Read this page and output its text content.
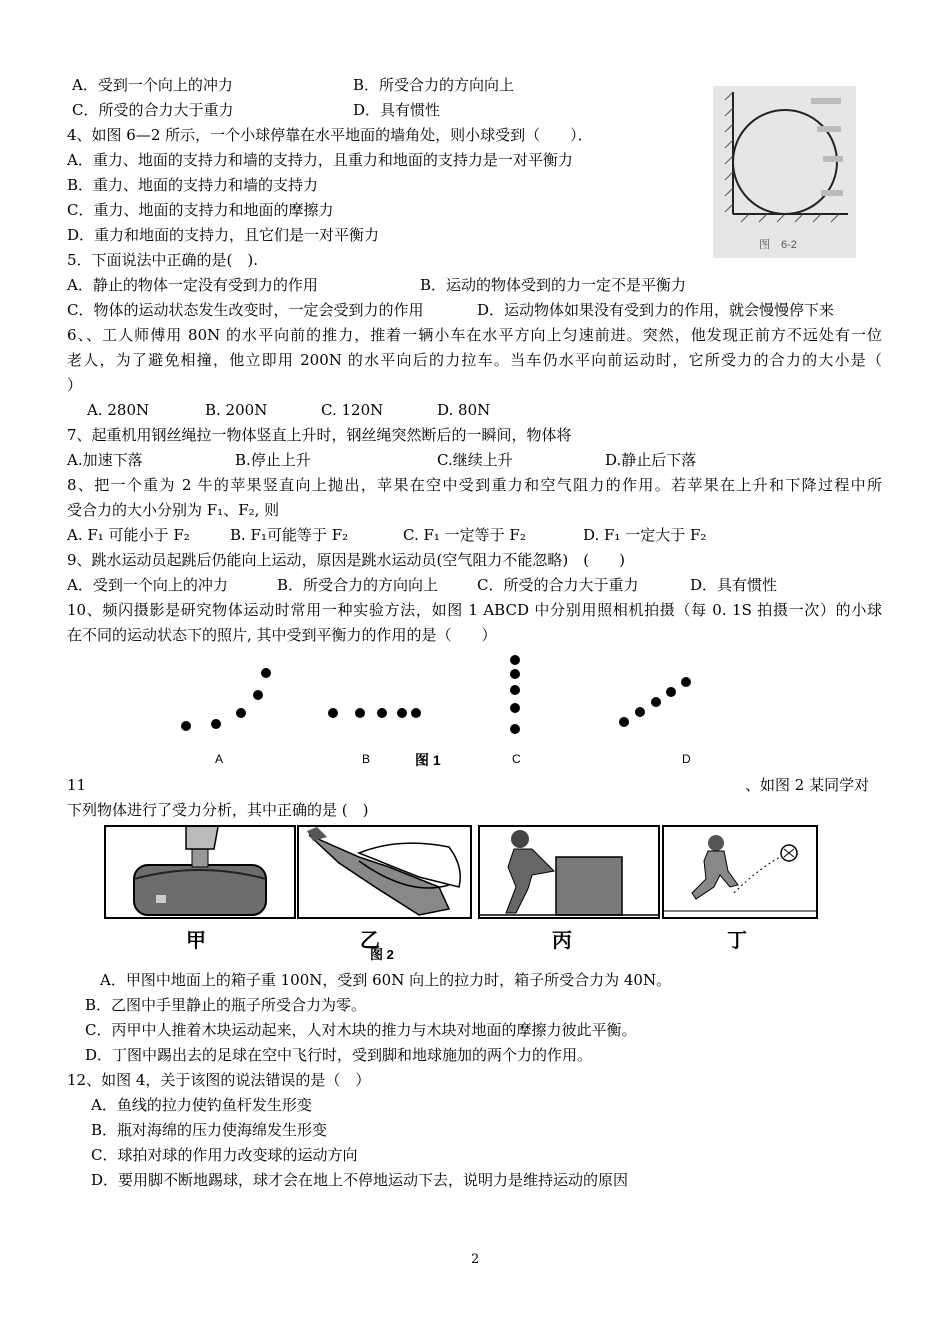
A．受到一个向上的冲力	B．所受合力的方向向上
C．所受的合力大于重力	D．具有惯性
图　6-2
4、如图 6—2 所示，一个小球停靠在水平地面的墙角处，则小球受到（　　）．
A．重力、地面的支持力和墙的支持力，且重力和地面的支持力是一对平衡力
B．重力、地面的支持力和墙的支持力
C．重力、地面的支持力和地面的摩擦力
D．重力和地面的支持力，且它们是一对平衡力
5．下面说法中正确的是(　).
A．静止的物体一定没有受到力的作用	B．运动的物体受到的力一定不是平衡力
C．物体的运动状态发生改变时，一定会受到力的作用	D．运动物体如果没有受到力的作用，就会慢慢停下来
6、、工人师傅用 80N 的水平向前的推力，推着一辆小车在水平方向上匀速前进。突然，他发现正前方不远处有一位
老人，为了避免相撞，他立即用 200N 的水平向后的力拉车。当车仍水平向前运动时，它所受力的合力的大小是（
）
A. 280N	B. 200N	C. 120N	D. 80N
7、起重机用钢丝绳拉一物体竖直上升时，钢丝绳突然断后的一瞬间，物体将
A.加速下落	B.停止上升	C.继续上升	D.静止后下落
8、把一个重为 2 牛的苹果竖直向上抛出，苹果在空中受到重力和空气阻力的作用。若苹果在上升和下降过程中所
受合力的大小分别为 F₁、F₂, 则
A. F₁ 可能小于 F₂	B. F₁可能等于 F₂	C. F₁ 一定等于 F₂	D. F₁ 一定大于 F₂
9、跳水运动员起跳后仍能向上运动，原因是跳水运动员(空气阻力不能忽略)　(　　)
A．受到一个向上的冲力	B．所受合力的方向向上	C．所受的合力大于重力	D．具有惯性
10、频闪摄影是研究物体运动时常用一种实验方法，如图 1 ABCD 中分别用照相机拍摄（每 0. 1S 拍摄一次）的小球
在不同的运动状态下的照片, 其中受到平衡力的作用的是（　　）
A	B	C	D
图 1
11	、如图 2 某同学对
下列物体进行了受力分析，其中正确的是 (　)
甲	乙	丙	丁
图 2
A．甲图中地面上的箱子重 100N，受到 60N 向上的拉力时，箱子所受合力为 40N。
B．乙图中手里静止的瓶子所受合力为零。
C．丙甲中人推着木块运动起来，人对木块的推力与木块对地面的摩擦力彼此平衡。
D．丁图中踢出去的足球在空中飞行时，受到脚和地球施加的两个力的作用。
12、如图 4，关于该图的说法错误的是（　）
A．鱼线的拉力使钓鱼杆发生形变
B．瓶对海绵的压力使海绵发生形变
C．球拍对球的作用力改变球的运动方向
D．要用脚不断地踢球，球才会在地上不停地运动下去，说明力是维持运动的原因
2
